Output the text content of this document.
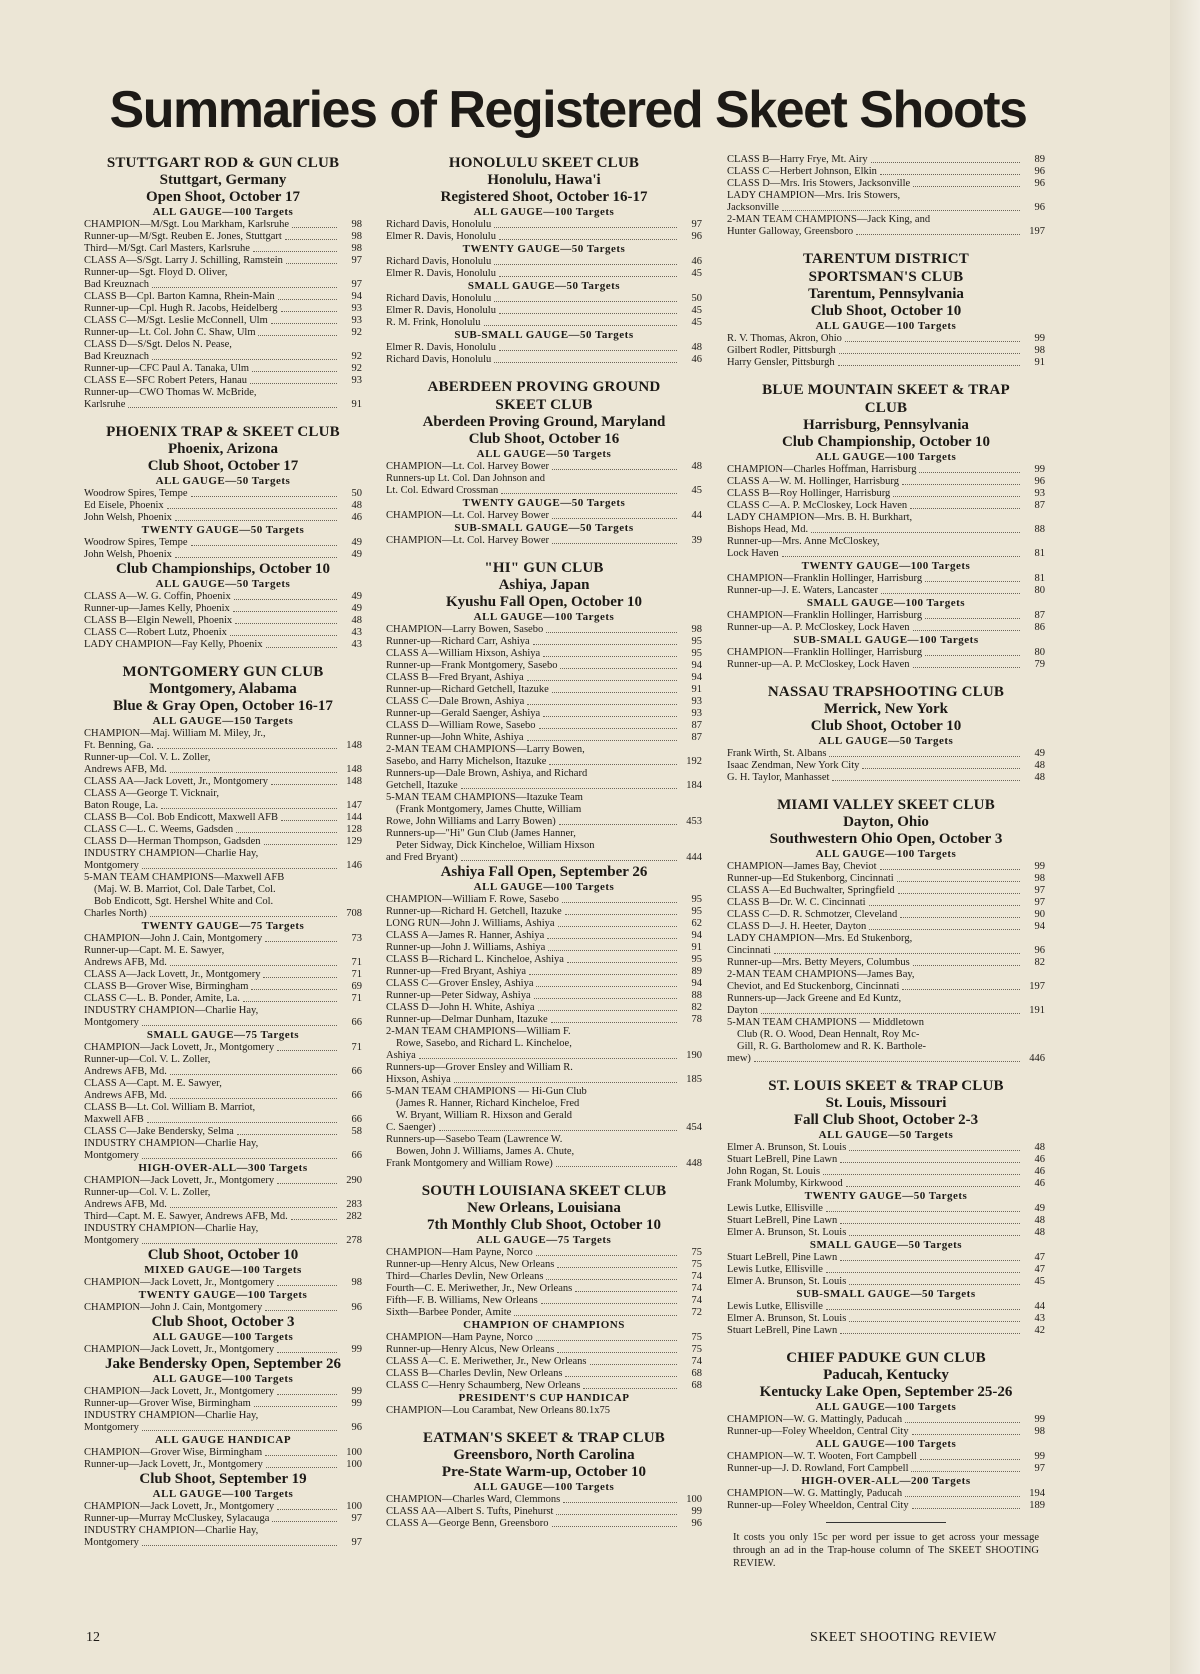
Summaries of Registered Skeet Shoots
STUTTGART ROD & GUN CLUB
Stuttgart, Germany
Open Shoot, October 17
ALL GAUGE—100 Targets
CHAMPION—M/Sgt. Lou Markham, Karlsruhe	98
Runner-up—M/Sgt. Reuben E. Jones, Stuttgart	98
Third—M/Sgt. Carl Masters, Karlsruhe	98
CLASS A—S/Sgt. Larry J. Schilling, Ramstein	97
Runner-up—Sgt. Floyd D. Oliver,
Bad Kreuznach	97
CLASS B—Cpl. Barton Kamna, Rhein-Main	94
Runner-up—Cpl. Hugh R. Jacobs, Heidelberg	93
CLASS C—M/Sgt. Leslie McConnell, Ulm	93
Runner-up—Lt. Col. John C. Shaw, Ulm	92
CLASS D—S/Sgt. Delos N. Pease,
Bad Kreuznach	92
Runner-up—CFC Paul A. Tanaka, Ulm	92
CLASS E—SFC Robert Peters, Hanau	93
Runner-up—CWO Thomas W. McBride,
Karlsruhe	91
PHOENIX TRAP & SKEET CLUB
Phoenix, Arizona
Club Shoot, October 17
ALL GAUGE—50 Targets
Woodrow Spires, Tempe	50
Ed Eisele, Phoenix	48
John Welsh, Phoenix	46
TWENTY GAUGE—50 Targets
Woodrow Spires, Tempe	49
John Welsh, Phoenix	49
Club Championships, October 10
ALL GAUGE—50 Targets
CLASS A—W. G. Coffin, Phoenix	49
Runner-up—James Kelly, Phoenix	49
CLASS B—Elgin Newell, Phoenix	48
CLASS C—Robert Lutz, Phoenix	43
LADY CHAMPION—Fay Kelly, Phoenix	43
MONTGOMERY GUN CLUB
Montgomery, Alabama
Blue & Gray Open, October 16-17
ALL GAUGE—150 Targets
CHAMPION—Maj. William M. Miley, Jr.,
Ft. Benning, Ga.	148
Runner-up—Col. V. L. Zoller,
Andrews AFB, Md.	148
CLASS AA—Jack Lovett, Jr., Montgomery	148
CLASS A—George T. Vicknair,
Baton Rouge, La.	147
CLASS B—Col. Bob Endicott, Maxwell AFB	144
CLASS C—L. C. Weems, Gadsden	128
CLASS D—Herman Thompson, Gadsden	129
INDUSTRY CHAMPION—Charlie Hay,
Montgomery	146
5-MAN TEAM CHAMPIONS—Maxwell AFB
(Maj. W. B. Marriot, Col. Dale Tarbet, Col.
Bob Endicott, Sgt. Hershel White and Col.
Charles North)	708
TWENTY GAUGE—75 Targets
CHAMPION—John J. Cain, Montgomery	73
Runner-up—Capt. M. E. Sawyer,
Andrews AFB, Md.	71
CLASS A—Jack Lovett, Jr., Montgomery	71
CLASS B—Grover Wise, Birmingham	69
CLASS C—L. B. Ponder, Amite, La.	71
INDUSTRY CHAMPION—Charlie Hay,
Montgomery	66
SMALL GAUGE—75 Targets
CHAMPION—Jack Lovett, Jr., Montgomery	71
Runner-up—Col. V. L. Zoller,
Andrews AFB, Md.	66
CLASS A—Capt. M. E. Sawyer,
Andrews AFB, Md.	66
CLASS B—Lt. Col. William B. Marriot,
Maxwell AFB	66
CLASS C—Jake Bendersky, Selma	58
INDUSTRY CHAMPION—Charlie Hay,
Montgomery	66
HIGH-OVER-ALL—300 Targets
CHAMPION—Jack Lovett, Jr., Montgomery	290
Runner-up—Col. V. L. Zoller,
Andrews AFB, Md.	283
Third—Capt. M. E. Sawyer, Andrews AFB, Md.	282
INDUSTRY CHAMPION—Charlie Hay,
Montgomery	278
Club Shoot, October 10
MIXED GAUGE—100 Targets
CHAMPION—Jack Lovett, Jr., Montgomery	98
TWENTY GAUGE—100 Targets
CHAMPION—John J. Cain, Montgomery	96
Club Shoot, October 3
ALL GAUGE—100 Targets
CHAMPION—Jack Lovett, Jr., Montgomery	99
Jake Bendersky Open, September 26
ALL GAUGE—100 Targets
CHAMPION—Jack Lovett, Jr., Montgomery	99
Runner-up—Grover Wise, Birmingham	99
INDUSTRY CHAMPION—Charlie Hay,
Montgomery	96
ALL GAUGE HANDICAP
CHAMPION—Grover Wise, Birmingham	100
Runner-up—Jack Lovett, Jr., Montgomery	100
Club Shoot, September 19
ALL GAUGE—100 Targets
CHAMPION—Jack Lovett, Jr., Montgomery	100
Runner-up—Murray McCluskey, Sylacauga	97
INDUSTRY CHAMPION—Charlie Hay,
Montgomery	97
HONOLULU SKEET CLUB
Honolulu, Hawa'i
Registered Shoot, October 16-17
ALL GAUGE—100 Targets
Richard Davis, Honolulu	97
Elmer R. Davis, Honolulu	96
TWENTY GAUGE—50 Targets
Richard Davis, Honolulu	46
Elmer R. Davis, Honolulu	45
SMALL GAUGE—50 Targets
Richard Davis, Honolulu	50
Elmer R. Davis, Honolulu	45
R. M. Frink, Honolulu	45
SUB-SMALL GAUGE—50 Targets
Elmer R. Davis, Honolulu	48
Richard Davis, Honolulu	46
ABERDEEN PROVING GROUND
SKEET CLUB
Aberdeen Proving Ground, Maryland
Club Shoot, October 16
ALL GAUGE—50 Targets
CHAMPION—Lt. Col. Harvey Bower	48
Runners-up Lt. Col. Dan Johnson and
Lt. Col. Edward Crossman	45
TWENTY GAUGE—50 Targets
CHAMPION—Lt. Col. Harvey Bower	44
SUB-SMALL GAUGE—50 Targets
CHAMPION—Lt. Col. Harvey Bower	39
"HI" GUN CLUB
Ashiya, Japan
Kyushu Fall Open, October 10
ALL GAUGE—100 Targets
CHAMPION—Larry Bowen, Sasebo	98
Runner-up—Richard Carr, Ashiya	95
CLASS A—William Hixson, Ashiya	95
Runner-up—Frank Montgomery, Sasebo	94
CLASS B—Fred Bryant, Ashiya	94
Runner-up—Richard Getchell, Itazuke	91
CLASS C—Dale Brown, Ashiya	93
Runner-up—Gerald Saenger, Ashiya	93
CLASS D—William Rowe, Sasebo	87
Runner-up—John White, Ashiya	87
2-MAN TEAM CHAMPIONS—Larry Bowen,
Sasebo, and Harry Michelson, Itazuke	192
Runners-up—Dale Brown, Ashiya, and Richard
Getchell, Itazuke	184
5-MAN TEAM CHAMPIONS—Itazuke Team
(Frank Montgomery, James Chutte, William
Rowe, John Williams and Larry Bowen)	453
Runners-up—"Hi" Gun Club (James Hanner,
Peter Sidway, Dick Kincheloe, William Hixson
and Fred Bryant)	444
Ashiya Fall Open, September 26
ALL GAUGE—100 Targets
CHAMPION—William F. Rowe, Sasebo	95
Runner-up—Richard H. Getchell, Itazuke	95
LONG RUN—John J. Williams, Ashiya	62
CLASS A—James R. Hanner, Ashiya	94
Runner-up—John J. Williams, Ashiya	91
CLASS B—Richard L. Kincheloe, Ashiya	95
Runner-up—Fred Bryant, Ashiya	89
CLASS C—Grover Ensley, Ashiya	94
Runner-up—Peter Sidway, Ashiya	88
CLASS D—John H. White, Ashiya	82
Runner-up—Delmar Dunham, Itazuke	78
2-MAN TEAM CHAMPIONS—William F.
Rowe, Sasebo, and Richard L. Kincheloe,
Ashiya	190
Runners-up—Grover Ensley and William R.
Hixson, Ashiya	185
5-MAN TEAM CHAMPIONS — Hi-Gun Club
(James R. Hanner, Richard Kincheloe, Fred
W. Bryant, William R. Hixson and Gerald
C. Saenger)	454
Runners-up—Sasebo Team (Lawrence W.
Bowen, John J. Williams, James A. Chute,
Frank Montgomery and William Rowe)	448
SOUTH LOUISIANA SKEET CLUB
New Orleans, Louisiana
7th Monthly Club Shoot, October 10
ALL GAUGE—75 Targets
CHAMPION—Ham Payne, Norco	75
Runner-up—Henry Alcus, New Orleans	75
Third—Charles Devlin, New Orleans	74
Fourth—C. E. Meriwether, Jr., New Orleans	74
Fifth—F. B. Williams, New Orleans	74
Sixth—Barbee Ponder, Amite	72
CHAMPION OF CHAMPIONS
CHAMPION—Ham Payne, Norco	75
Runner-up—Henry Alcus, New Orleans	75
CLASS A—C. E. Meriwether, Jr., New Orleans	74
CLASS B—Charles Devlin, New Orleans	68
CLASS C—Henry Schaumberg, New Orleans	68
PRESIDENT'S CUP HANDICAP
CHAMPION—Lou Carambat, New Orleans 80.1x75
EATMAN'S SKEET & TRAP CLUB
Greensboro, North Carolina
Pre-State Warm-up, October 10
ALL GAUGE—100 Targets
CHAMPION—Charles Ward, Clemmons	100
CLASS AA—Albert S. Tufts, Pinehurst	99
CLASS A—George Benn, Greensboro	96
CLASS B—Harry Frye, Mt. Airy	89
CLASS C—Herbert Johnson, Elkin	96
CLASS D—Mrs. Iris Stowers, Jacksonville	96
LADY CHAMPION—Mrs. Iris Stowers,
Jacksonville	96
2-MAN TEAM CHAMPIONS—Jack King, and
Hunter Galloway, Greensboro	197
TARENTUM DISTRICT
SPORTSMAN'S CLUB
Tarentum, Pennsylvania
Club Shoot, October 10
ALL GAUGE—100 Targets
R. V. Thomas, Akron, Ohio	99
Gilbert Rodler, Pittsburgh	98
Harry Gensler, Pittsburgh	91
BLUE MOUNTAIN SKEET & TRAP
CLUB
Harrisburg, Pennsylvania
Club Championship, October 10
ALL GAUGE—100 Targets
CHAMPION—Charles Hoffman, Harrisburg	99
CLASS A—W. M. Hollinger, Harrisburg	96
CLASS B—Roy Hollinger, Harrisburg	93
CLASS C—A. P. McCloskey, Lock Haven	87
LADY CHAMPION—Mrs. B. H. Burkhart,
Bishops Head, Md.	88
Runner-up—Mrs. Anne McCloskey,
Lock Haven	81
TWENTY GAUGE—100 Targets
CHAMPION—Franklin Hollinger, Harrisburg	81
Runner-up—J. E. Waters, Lancaster	80
SMALL GAUGE—100 Targets
CHAMPION—Franklin Hollinger, Harrisburg	87
Runner-up—A. P. McCloskey, Lock Haven	86
SUB-SMALL GAUGE—100 Targets
CHAMPION—Franklin Hollinger, Harrisburg	80
Runner-up—A. P. McCloskey, Lock Haven	79
NASSAU TRAPSHOOTING CLUB
Merrick, New York
Club Shoot, October 10
ALL GAUGE—50 Targets
Frank Wirth, St. Albans	49
Isaac Zendman, New York City	48
G. H. Taylor, Manhasset	48
MIAMI VALLEY SKEET CLUB
Dayton, Ohio
Southwestern Ohio Open, October 3
ALL GAUGE—100 Targets
CHAMPION—James Bay, Cheviot	99
Runner-up—Ed Stukenborg, Cincinnati	98
CLASS A—Ed Buchwalter, Springfield	97
CLASS B—Dr. W. C. Cincinnati	97
CLASS C—D. R. Schmotzer, Cleveland	90
CLASS D—J. H. Heeter, Dayton	94
LADY CHAMPION—Mrs. Ed Stukenborg,
Cincinnati	96
Runner-up—Mrs. Betty Meyers, Columbus	82
2-MAN TEAM CHAMPIONS—James Bay,
Cheviot, and Ed Stuckenborg, Cincinnati	197
Runners-up—Jack Greene and Ed Kuntz,
Dayton	191
5-MAN TEAM CHAMPIONS — Middletown
Club (R. O. Wood, Dean Hennalt, Roy Mc-
Gill, R. G. Bartholomew and R. K. Barthole-
mew)	446
ST. LOUIS SKEET & TRAP CLUB
St. Louis, Missouri
Fall Club Shoot, October 2-3
ALL GAUGE—50 Targets
Elmer A. Brunson, St. Louis	48
Stuart LeBrell, Pine Lawn	46
John Rogan, St. Louis	46
Frank Molumby, Kirkwood	46
TWENTY GAUGE—50 Targets
Lewis Lutke, Ellisville	49
Stuart LeBrell, Pine Lawn	48
Elmer A. Brunson, St. Louis	48
SMALL GAUGE—50 Targets
Stuart LeBrell, Pine Lawn	47
Lewis Lutke, Ellisville	47
Elmer A. Brunson, St. Louis	45
SUB-SMALL GAUGE—50 Targets
Lewis Lutke, Ellisville	44
Elmer A. Brunson, St. Louis	43
Stuart LeBrell, Pine Lawn	42
CHIEF PADUKE GUN CLUB
Paducah, Kentucky
Kentucky Lake Open, September 25-26
ALL GAUGE—100 Targets
CHAMPION—W. G. Mattingly, Paducah	99
Runner-up—Foley Wheeldon, Central City	98
ALL GAUGE—100 Targets
CHAMPION—W. T. Wooten, Fort Campbell	99
Runner-up—J. D. Rowland, Fort Campbell	97
HIGH-OVER-ALL—200 Targets
CHAMPION—W. G. Mattingly, Paducah	194
Runner-up—Foley Wheeldon, Central City	189
It costs you only 15c per word per issue to get across your message through an ad in the Trap-house column of The SKEET SHOOTING REVIEW.
12	SKEET SHOOTING REVIEW
